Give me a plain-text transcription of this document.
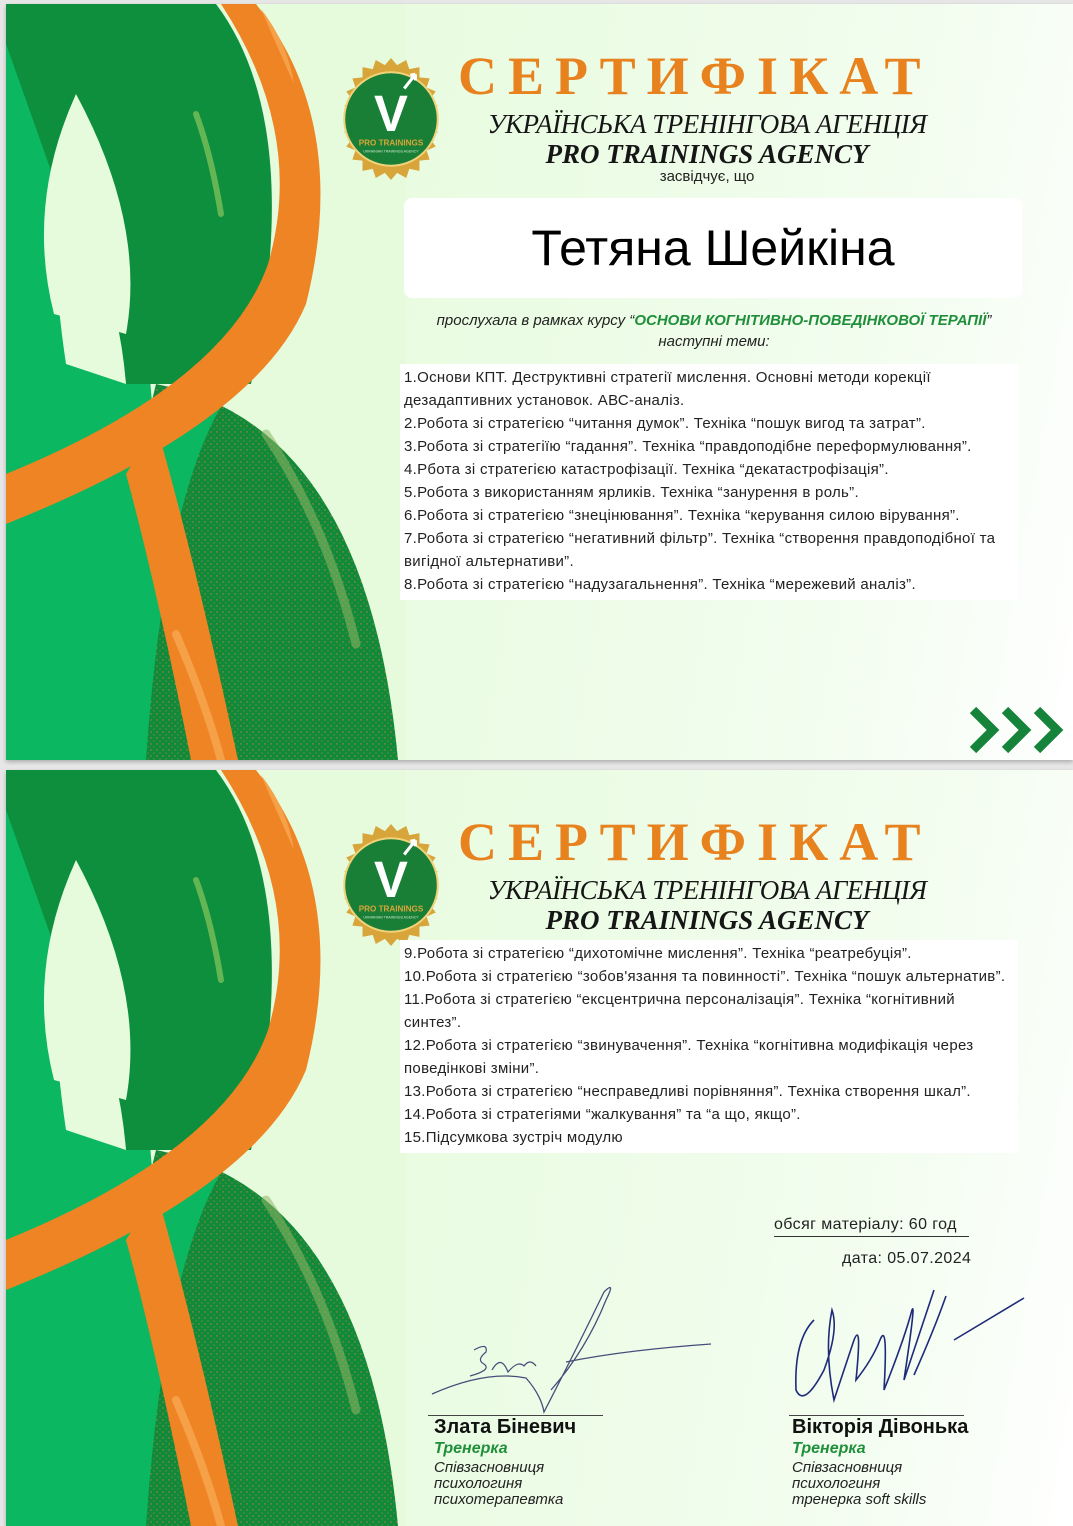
V
PRO TRAININGS
UKRAINIAN TRAININGS AGENCY
СЕРТИФІКАТ
УКРАЇНСЬКА ТРЕНІНГОВА АГЕНЦІЯ
PRO TRAININGS AGENCY
засвідчує, що
Тетяна Шейкіна
прослухала в рамках курсу “ОСНОВИ КОГНІТИВНО-ПОВЕДІНКОВОЇ ТЕРАПІЇ” наступні теми:
1.Основи КПТ. Деструктивні стратегії мислення. Основні методи корекції дезадаптивних установок. АВС-аналіз.
2.Робота зі стратегією “читання думок”. Техніка “пошук вигод та затрат”.
3.Робота зі стратегіїю “гадання”. Техніка “правдоподібне переформулювання”.
4.Рбота зі стратегією катастрофізації. Техніка “декатастрофізація”.
5.Робота з використанням ярликів. Техніка “занурення в роль”.
6.Робота зі стратегією “знецінювання”. Техніка “керування силою вірування”.
7.Робота зі стратегією “негативний фільтр”. Техніка “створення правдоподібної та вигідної альтернативи”.
8.Робота зі стратегією “надузагальнення”. Техніка “мережевий аналіз”.
V
PRO TRAININGS
UKRAINIAN TRAININGS AGENCY
СЕРТИФІКАТ
УКРАЇНСЬКА ТРЕНІНГОВА АГЕНЦІЯ
PRO TRAININGS AGENCY
9.Робота зі стратегією “дихотомічне мислення”. Техніка “реатребуція”.
10.Робота зі стратегією “зобов'язання та повинності”. Техніка “пошук альтернатив”.
11.Робота зі стратегією “ексцентрична персоналізація”. Техніка “когнітивний синтез”.
12.Робота зі стратегією “звинувачення”. Техніка “когнітивна модифікація через поведінкові зміни”.
13.Робота зі стратегією “несправедливі порівняння”. Техніка створення шкал”.
14.Робота зі стратегіями “жалкування” та “а що, якщо”.
15.Підсумкова зустріч модулю
обсяг матеріалу: 60 год
дата: 05.07.2024
Злата Біневич
Тренерка
Співзасновниця
психологиня
психотерапевтка
Вікторія Дівонька
Тренерка
Співзасновниця
психологиня
тренерка soft skills
